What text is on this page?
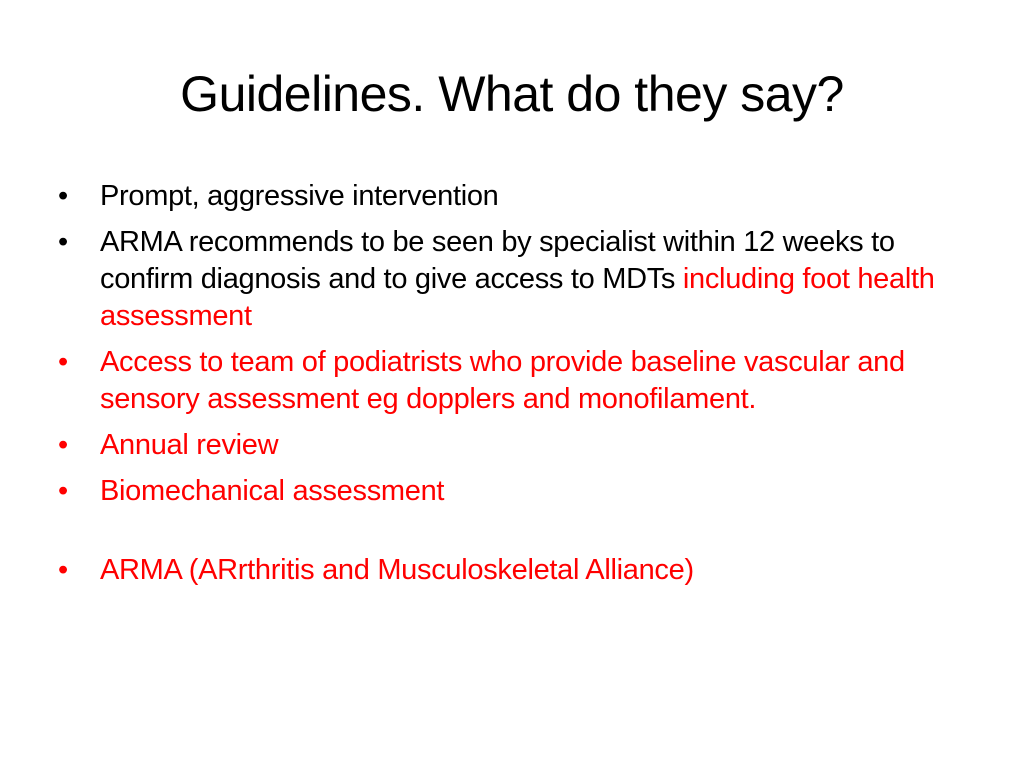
Guidelines. What do they say?
•	Prompt, aggressive intervention
•	ARMA recommends to be seen by specialist within 12 weeks to confirm diagnosis and to give access to MDTs including foot health assessment
•	Access to team of podiatrists who provide baseline vascular and sensory assessment eg dopplers and monofilament.
•	Annual review
•	Biomechanical assessment
•	ARMA (ARrthritis and Musculoskeletal Alliance)
